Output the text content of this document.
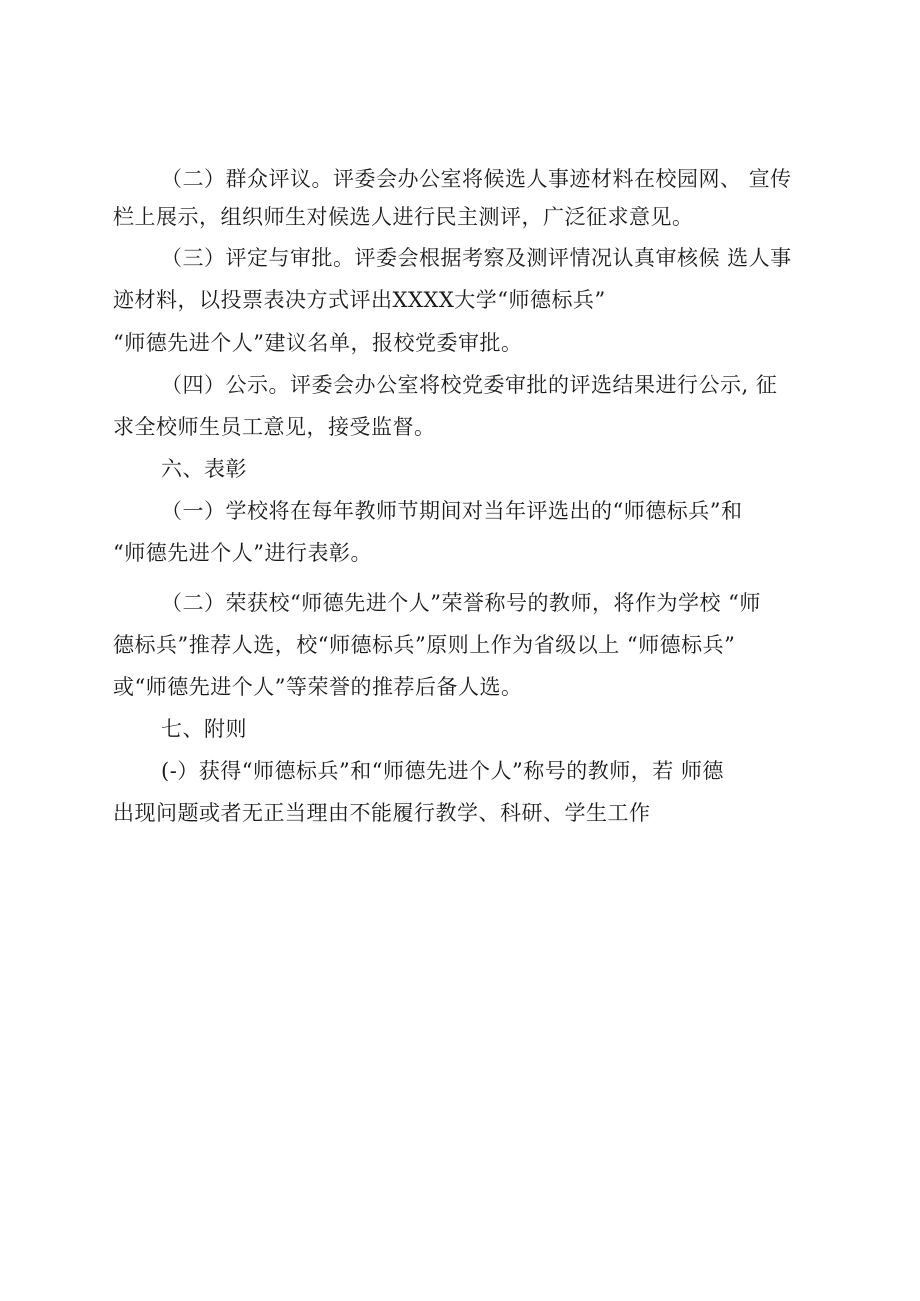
（二）群众评议。评委会办公室将候选人事迹材料在校园网、 宣传
栏上展示，组织师生对候选人进行民主测评，广泛征求意见。
（三）评定与审批。评委会根据考察及测评情况认真审核候 选人事
迹材料，以投票表决方式评出XXXX大学“师德标兵”
“师德先进个人”建议名单，报校党委审批。
（四）公示。评委会办公室将校党委审批的评选结果进行公示, 征
求全校师生员工意见，接受监督。
六、表彰
（一）学校将在每年教师节期间对当年评选出的“师德标兵”和
“师德先进个人”进行表彰。
（二）荣获校“师德先进个人”荣誉称号的教师，将作为学校 “师
德标兵”推荐人选，校“师德标兵”原则上作为省级以上 “师德标兵”
或“师德先进个人”等荣誉的推荐后备人选。
七、附则
(-）获得“师德标兵”和“师德先进个人”称号的教师，若 师德
出现问题或者无正当理由不能履行教学、科研、学生工作
